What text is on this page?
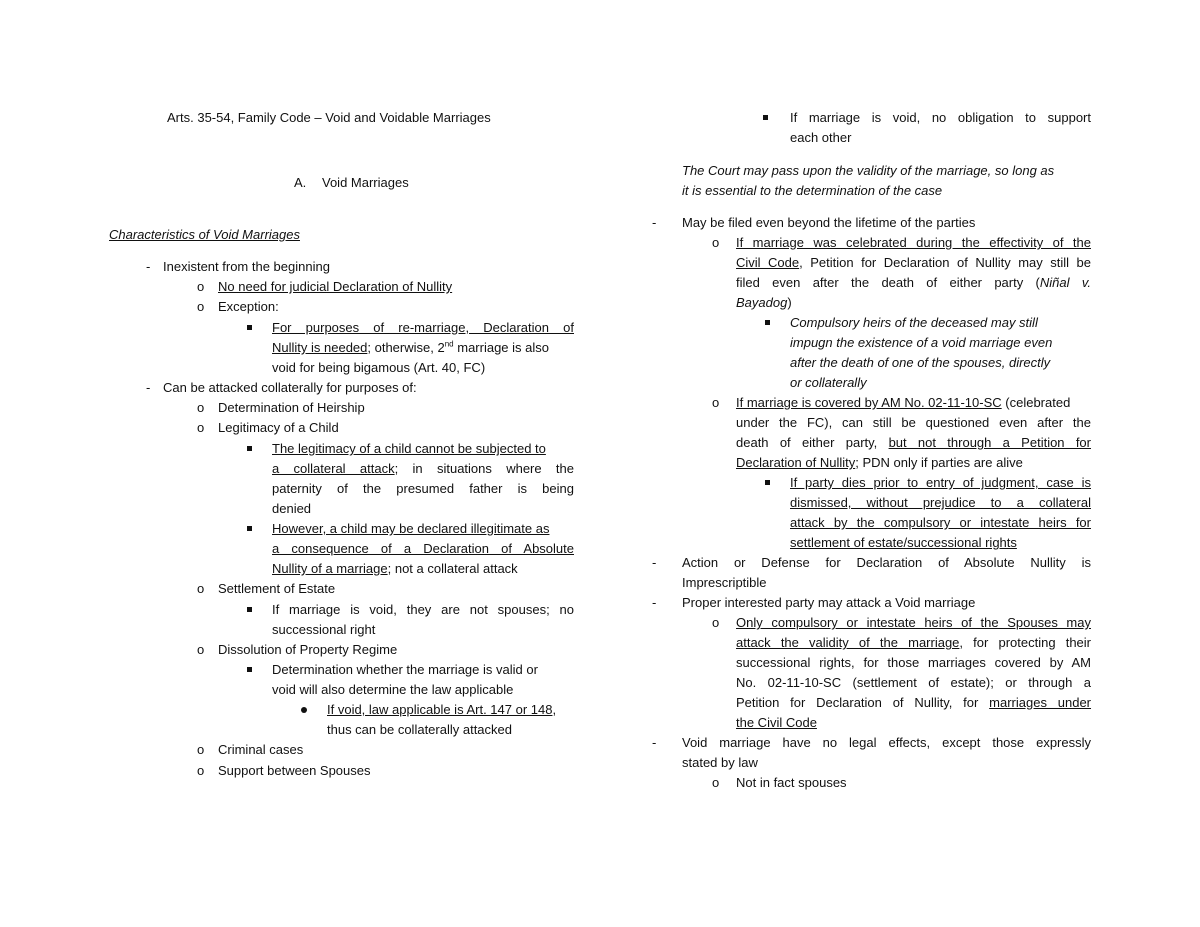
Arts. 35-54, Family Code – Void and Voidable Marriages
A. Void Marriages
Characteristics of Void Marriages
- Inexistent from the beginning
o No need for judicial Declaration of Nullity
o Exception:
For purposes of re-marriage, Declaration of
Nullity is needed; otherwise, 2nd marriage is also
void for being bigamous (Art. 40, FC)
- Can be attacked collaterally for purposes of:
o Determination of Heirship
o Legitimacy of a Child
The legitimacy of a child cannot be subjected to
a collateral attack; in situations where the
paternity of the presumed father is being
denied
However, a child may be declared illegitimate as
a consequence of a Declaration of Absolute
Nullity of a marriage; not a collateral attack
o Settlement of Estate
If marriage is void, they are not spouses; no
successional right
o Dissolution of Property Regime
Determination whether the marriage is valid or
void will also determine the law applicable
If void, law applicable is Art. 147 or 148,
thus can be collaterally attacked
o Criminal cases
o Support between Spouses
If marriage is void, no obligation to support
each other
The Court may pass upon the validity of the marriage, so long as
it is essential to the determination of the case
- May be filed even beyond the lifetime of the parties
o If marriage was celebrated during the effectivity of the
Civil Code, Petition for Declaration of Nullity may still be
filed even after the death of either party (Niñal v.
Bayadog)
Compulsory heirs of the deceased may still
impugn the existence of a void marriage even
after the death of one of the spouses, directly
or collaterally
o If marriage is covered by AM No. 02-11-10-SC (celebrated
under the FC), can still be questioned even after the
death of either party, but not through a Petition for
Declaration of Nullity; PDN only if parties are alive
If party dies prior to entry of judgment, case is
dismissed, without prejudice to a collateral
attack by the compulsory or intestate heirs for
settlement of estate/successional rights
- Action or Defense for Declaration of Absolute Nullity is
Imprescriptible
- Proper interested party may attack a Void marriage
o Only compulsory or intestate heirs of the Spouses may
attack the validity of the marriage, for protecting their
successional rights, for those marriages covered by AM
No. 02-11-10-SC (settlement of estate); or through a
Petition for Declaration of Nullity, for marriages under
the Civil Code
- Void marriage have no legal effects, except those expressly
stated by law
o Not in fact spouses
